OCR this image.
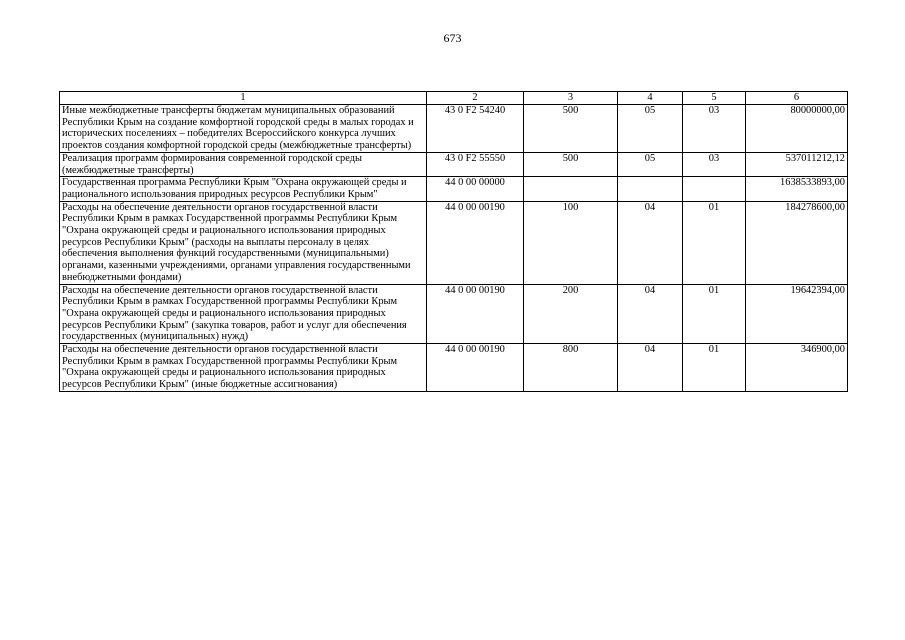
673
1	2	3	4	5	6
Иные межбюджетные трансферты бюджетам муниципальных образований Республики Крым на создание комфортной городской среды в малых городах и исторических поселениях – победителях Всероссийского конкурса лучших проектов создания комфортной городской среды (межбюджетные трансферты)	43 0 F2 54240	500	05	03	80000000,00
Реализация программ формирования современной городской среды (межбюджетные трансферты)	43 0 F2 55550	500	05	03	537011212,12
Государственная программа Республики Крым "Охрана окружающей среды и рационального использования природных ресурсов Республики Крым"	44 0 00 00000				1638533893,00
Расходы на обеспечение деятельности органов государственной власти Республики Крым в рамках Государственной программы Республики Крым "Охрана окружающей среды и рационального использования природных ресурсов Республики Крым" (расходы на выплаты персоналу в целях обеспечения выполнения функций государственными (муниципальными) органами, казенными учреждениями, органами управления государственными внебюджетными фондами)	44 0 00 00190	100	04	01	184278600,00
Расходы на обеспечение деятельности органов государственной власти Республики Крым в рамках Государственной программы Республики Крым "Охрана окружающей среды и рационального использования природных ресурсов Республики Крым" (закупка товаров, работ и услуг для обеспечения государственных (муниципальных) нужд)	44 0 00 00190	200	04	01	19642394,00
Расходы на обеспечение деятельности органов государственной власти Республики Крым в рамках Государственной программы Республики Крым "Охрана окружающей среды и рационального использования природных ресурсов Республики Крым" (иные бюджетные ассигнования)	44 0 00 00190	800	04	01	346900,00
